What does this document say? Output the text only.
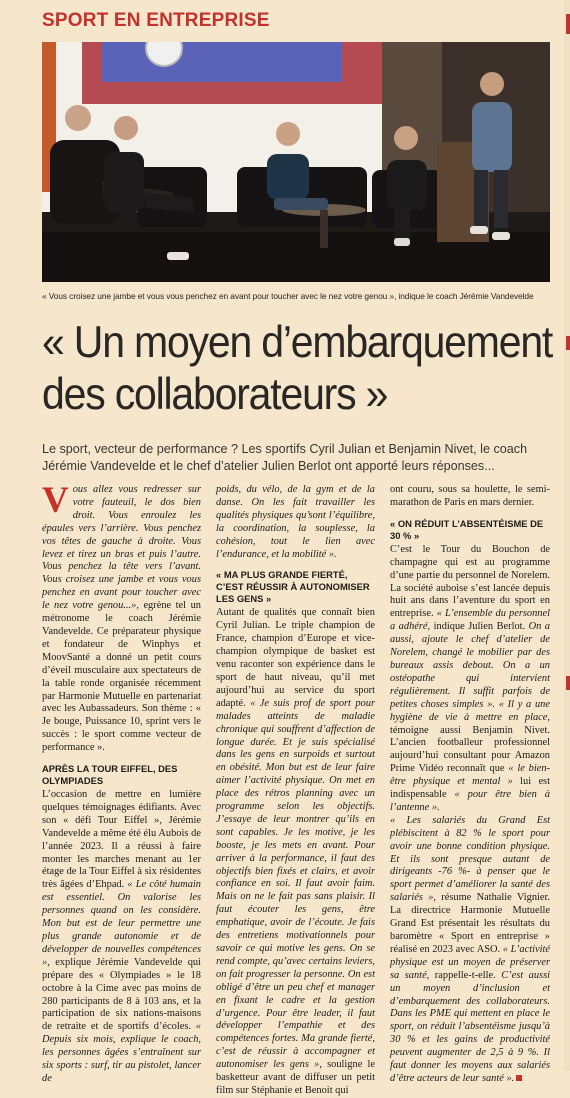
SPORT EN ENTREPRISE
« Vous croisez une jambe et vous vous penchez en avant pour toucher avec le nez votre genou », indique le coach Jérémie Vandevelde
« Un moyen d’embarquement
des collaborateurs »
Le sport, vecteur de performance ? Les sportifs Cyril Julian et Benjamin Nivet, le coach Jérémie Vandevelde et le chef d’atelier Julien Berlot ont apporté leurs réponses...

Vous allez vous redresser sur votre fauteuil, le dos bien droit. Vous enroulez les épaules vers l’arrière. Vous penchez vos têtes de gauche à droite. Vous levez et tirez un bras et puis l’autre. Vous penchez la tête vers l’avant. Vous croisez une jambe et vous vous penchez en avant pour toucher avec le nez votre genou...», egrène tel un métronome le coach Jérémie Vandevelde. Ce préparateur physique et fondateur de Winphys et MoovSanté a donné un petit cours d’éveil musculaire aux spectateurs de la table ronde organisée récemment par Harmonie Mutuelle en partenariat avec les Aubassadeurs. Son thème : « Je bouge, Puissance 10, sprint vers le succès : le sport comme vecteur de performance ».

APRÈS LA TOUR EIFFEL, DES OLYMPIADES

L’occasion de mettre en lumière quelques témoignages édifiants. Avec son « défi Tour Eiffel », Jérémie Vandevelde a même été élu Aubois de l’année 2023. Il a réussi à faire monter les marches menant au 1er étage de la Tour Eiffel à six résidentes très âgées d’Ehpad. « Le côté humain est essentiel. On valorise les personnes quand on les considère. Mon but est de leur permettre une plus grande autonomie et de développer de nouvelles compétences », explique Jérémie Vandevelde qui prépare des « Olympiades » le 18 octobre à la Cime avec pas moins de 280 participants de 8 à 103 ans, et la participation de six nations-maisons de retraite et de sportifs d’écoles. « Depuis six mois, explique le coach, les personnes âgées s’entraînent sur six sports : surf, tir au pistolet, lancer de

poids, du vélo, de la gym et de la danse. On les fait travailler les qualités physiques qu’sont l’équilibre, la coordination, la souplesse, la cohésion, tout le lien avec l’endurance, et la mobilité ».

« MA PLUS GRANDE FIERTÉ, C’EST RÉUSSIR À AUTONOMISER LES GENS »

Autant de qualités que connaît bien Cyril Julian. Le triple champion de France, champion d’Europe et vice-champion olympique de basket est venu raconter son expérience dans le sport de haut niveau, qu’il met aujourd’hui au service du sport adapté. « Je suis prof de sport pour malades atteints de maladie chronique qui souffrent d’affection de longue durée. Et je suis spécialisé dans les gens en surpoids et surtout en obésité. Mon but est de leur faire aimer l’activité physique. On met en place des rétros planning avec un programme selon les objectifs. J’essaye de leur montrer qu’ils en sont capables. Je les motive, je les booste, je les mets en avant. Pour arriver à la performance, il faut des objectifs bien fixés et clairs, et avoir confiance en soi. Il faut avoir faim. Mais on ne le fait pas sans plaisir. Il faut écouter les gens, être emphatique, avoir de l’écoute. Je fais des entretiens motivationnels pour savoir ce qui motive les gens. On se rend compte, qu’avec certains leviers, on fait progresser la personne. On est obligé d’être un peu chef et manager en fixant le cadre et la gestion d’urgence. Pour être leader, il faut développer l’empathie et des compétences fortes. Ma grande fierté, c’est de réussir à accompagner et autonomiser les gens », souligne le basketteur avant de diffuser un petit film sur Stéphanie et Benoit qui

ont couru, sous sa houlette, le semi-marathon de Paris en mars dernier.

« ON RÉDUIT L’ABSENTÉISME DE 30 % »

C’est le Tour du Bouchon de champagne qui est au programme d’une partie du personnel de Norelem. La société auboise s’est lancée depuis huit ans dans l’aventure du sport en entreprise. « L’ensemble du personnel a adhéré, indique Julien Berlot. On a aussi, ajoute le chef d’atelier de Norelem, changé le mobilier par des bureaux assis debout. On a un ostéopathe qui intervient régulièrement. Il suffit parfois de petites choses simples ». « Il y a une hygiène de vie à mettre en place, témoigne aussi Benjamin Nivet. L’ancien footballeur professionnel aujourd’hui consultant pour Amazon Prime Vidéo reconnaît que « le bien-être physique et mental » lui est indispensable « pour être bien à l’antenne ».

« Les salariés du Grand Est plébiscitent à 82 % le sport pour avoir une bonne condition physique. Et ils sont presque autant de dirigeants -76 %- à penser que le sport permet d’améliorer la santé des salariés », résume Nathalie Vignier. La directrice Harmonie Mutuelle Grand Est présentait les résultats du baromètre « Sport en entreprise » réalisé en 2023 avec ASO. « L’activité physique est un moyen de préserver sa santé, rappelle-t-elle. C’est aussi un moyen d’inclusion et d’embarquement des collaborateurs. Dans les PME qui mettent en place le sport, on réduit l’absentéisme jusqu’à 30 % et les gains de productivité peuvent augmenter de 2,5 à 9 %. Il faut donner les moyens aux salariés d’être acteurs de leur santé ».
